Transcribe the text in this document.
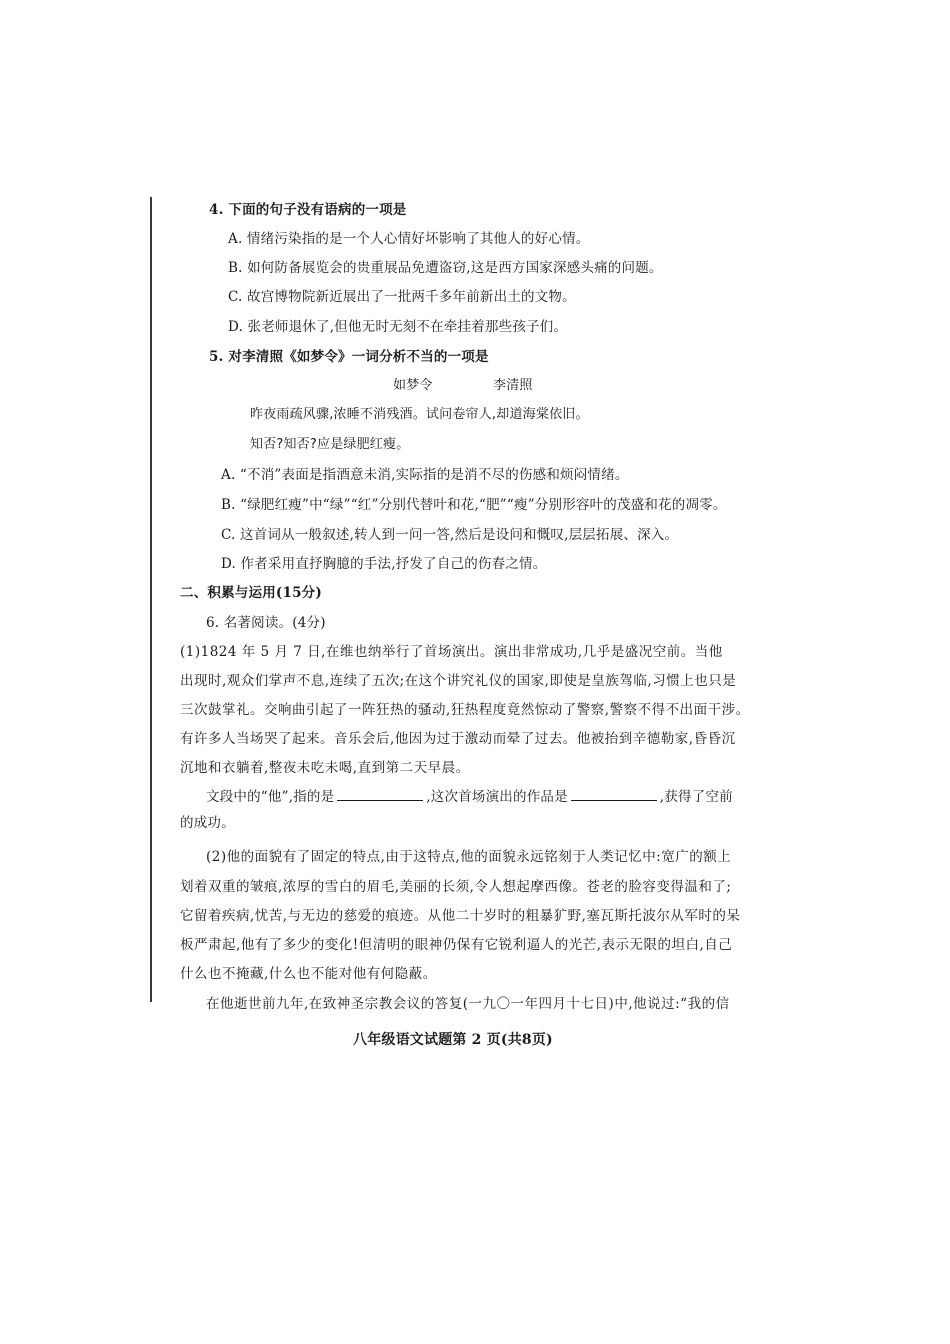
4. 下面的句子没有语病的一项是
A. 情绪污染指的是一个人心情好坏影响了其他人的好心情。
B. 如何防备展览会的贵重展品免遭盗窃,这是西方国家深感头痛的问题。
C. 故宫博物院新近展出了一批两千多年前新出土的文物。
D. 张老师退休了,但他无时无刻不在牵挂着那些孩子们。
5. 对李清照《如梦令》一词分析不当的一项是
如梦令	李清照
昨夜雨疏风骤,浓睡不消残酒。试问卷帘人,却道海棠依旧。
知否?知否?应是绿肥红瘦。
A. “不消”表面是指酒意未消,实际指的是消不尽的伤感和烦闷情绪。
B. “绿肥红瘦”中“绿”“红”分别代替叶和花,“肥”“瘦”分别形容叶的茂盛和花的凋零。
C. 这首词从一般叙述,转人到一问一答,然后是设问和慨叹,层层拓展、深入。
D. 作者采用直抒胸臆的手法,抒发了自己的伤春之情。
二、积累与运用(15分)
6. 名著阅读。(4分)
(1)1824 年 5 月 7 日,在维也纳举行了首场演出。演出非常成功,几乎是盛况空前。当他
出现时,观众们掌声不息,连续了五次;在这个讲究礼仪的国家,即使是皇族驾临,习惯上也只是
三次鼓掌礼。交响曲引起了一阵狂热的骚动,狂热程度竟然惊动了警察,警察不得不出面干涉。
有许多人当场哭了起来。音乐会后,他因为过于激动而晕了过去。他被抬到辛德勒家,昏昏沉
沉地和衣躺着,整夜未吃未喝,直到第二天早晨。
文段中的“他”,指的是	,这次首场演出的作品是	,获得了空前
的成功。
(2)他的面貌有了固定的特点,由于这特点,他的面貌永远铭刻于人类记忆中:宽广的额上
划着双重的皱痕,浓厚的雪白的眉毛,美丽的长须,令人想起摩西像。苍老的脸容变得温和了;
它留着疾病,忧苦,与无边的慈爱的痕迹。从他二十岁时的粗暴犷野,塞瓦斯托波尔从军时的呆
板严肃起,他有了多少的变化!但清明的眼神仍保有它锐利逼人的光芒,表示无限的坦白,自己
什么也不掩藏,什么也不能对他有何隐蔽。
在他逝世前九年,在致神圣宗教会议的答复(一九〇一年四月十七日)中,他说过:“我的信
八年级语文试题第 2 页(共8页)
